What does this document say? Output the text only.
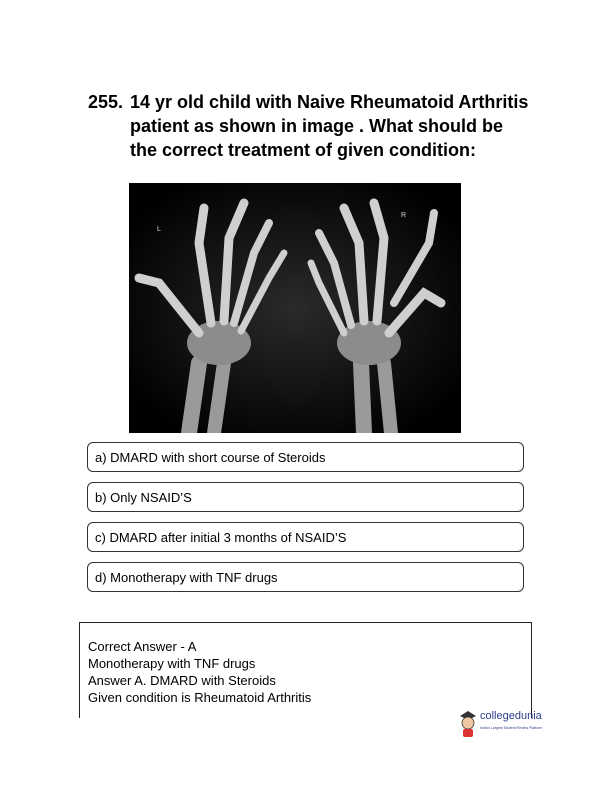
255. 14 yr old child with Naive Rheumatoid Arthritis patient as shown in image . What should be the correct treatment of given condition:
L
R
a) DMARD with short course of Steroids
b) Only NSAID’S
c) DMARD after initial 3 months of NSAID’S
d) Monotherapy with TNF drugs
Correct Answer - A
Monotherapy with TNF drugs
Answer A. DMARD with Steroids
Given condition is Rheumatoid Arthritis
collegedunia
India's Largest Student Review Platform
